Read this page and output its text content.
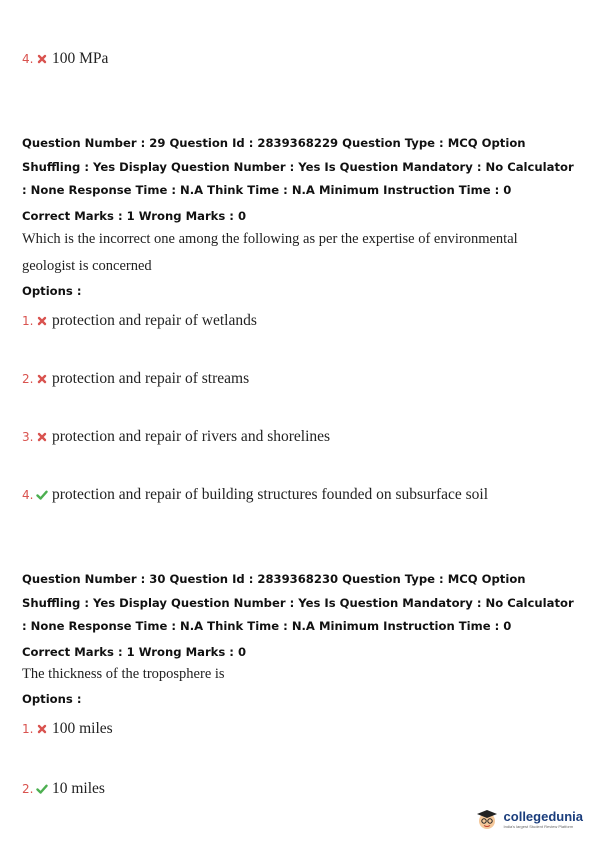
4. 100 MPa
Question Number : 29 Question Id : 2839368229 Question Type : MCQ Option Shuffling : Yes Display Question Number : Yes Is Question Mandatory : No Calculator : None Response Time : N.A Think Time : N.A Minimum Instruction Time : 0
Correct Marks : 1 Wrong Marks : 0
Which is the incorrect one among the following as per the expertise of environmental
geologist is concerned
Options :
1. protection and repair of wetlands
2. protection and repair of streams
3. protection and repair of rivers and shorelines
4. protection and repair of building structures founded on subsurface soil
Question Number : 30 Question Id : 2839368230 Question Type : MCQ Option Shuffling : Yes Display Question Number : Yes Is Question Mandatory : No Calculator : None Response Time : N.A Think Time : N.A Minimum Instruction Time : 0
Correct Marks : 1 Wrong Marks : 0
The thickness of the troposphere is
Options :
1. 100 miles
2. 10 miles
collegedunia
India's largest Student Review Platform
